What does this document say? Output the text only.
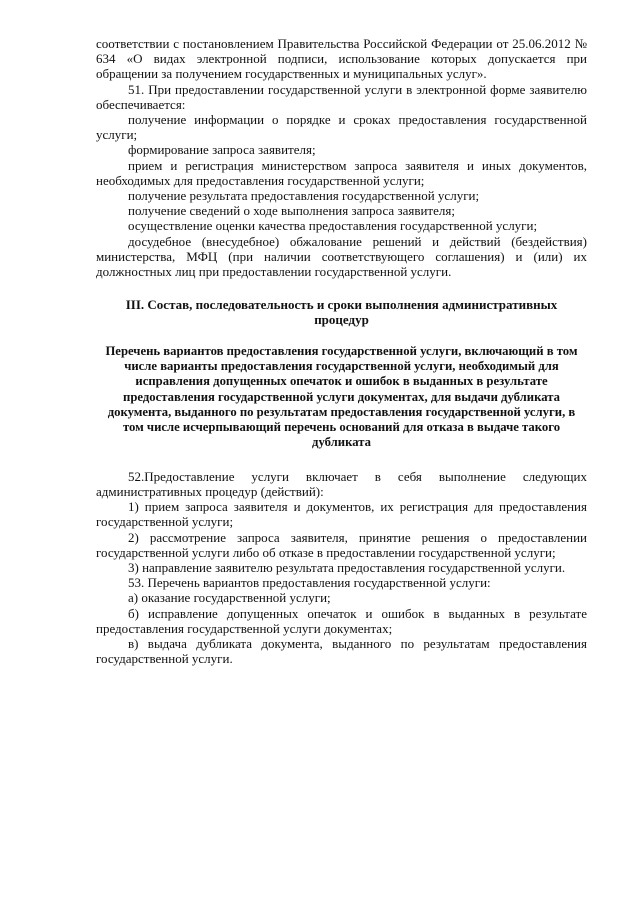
соответствии с постановлением Правительства Российской Федерации от 25.06.2012 № 634 «О видах электронной подписи, использование которых допускается при обращении за получением государственных и муниципальных услуг».

51. При предоставлении государственной услуги в электронной форме заявителю обеспечивается:

получение информации о порядке и сроках предоставления государственной услуги;

формирование запроса заявителя;

прием и регистрация министерством запроса заявителя и иных документов, необходимых для предоставления государственной услуги;

получение результата предоставления государственной услуги;

получение сведений о ходе выполнения запроса заявителя;

осуществление оценки качества предоставления государственной услуги;

досудебное (внесудебное) обжалование решений и действий (бездействия) министерства, МФЦ (при наличии соответствующего соглашения) и (или) их должностных лиц при предоставлении государственной услуги.

III. Состав, последовательность и сроки выполнения административных процедур

Перечень вариантов предоставления государственной услуги, включающий в том числе варианты предоставления государственной услуги, необходимый для исправления допущенных опечаток и ошибок в выданных в результате предоставления государственной услуги документах, для выдачи дубликата документа, выданного по результатам предоставления государственной услуги, в том числе исчерпывающий перечень оснований для отказа в выдаче такого дубликата

52.Предоставление услуги включает в себя выполнение следующих административных процедур (действий):

1) прием запроса заявителя и документов, их регистрация для предоставления государственной услуги;

2) рассмотрение запроса заявителя, принятие решения о предоставлении государственной услуги либо об отказе в предоставлении государственной услуги;

3) направление заявителю результата предоставления государственной услуги.

53. Перечень вариантов предоставления государственной услуги:

а) оказание государственной услуги;

б) исправление допущенных опечаток и ошибок в выданных в результате предоставления государственной услуги документах;

в) выдача дубликата документа, выданного по результатам предоставления государственной услуги.
